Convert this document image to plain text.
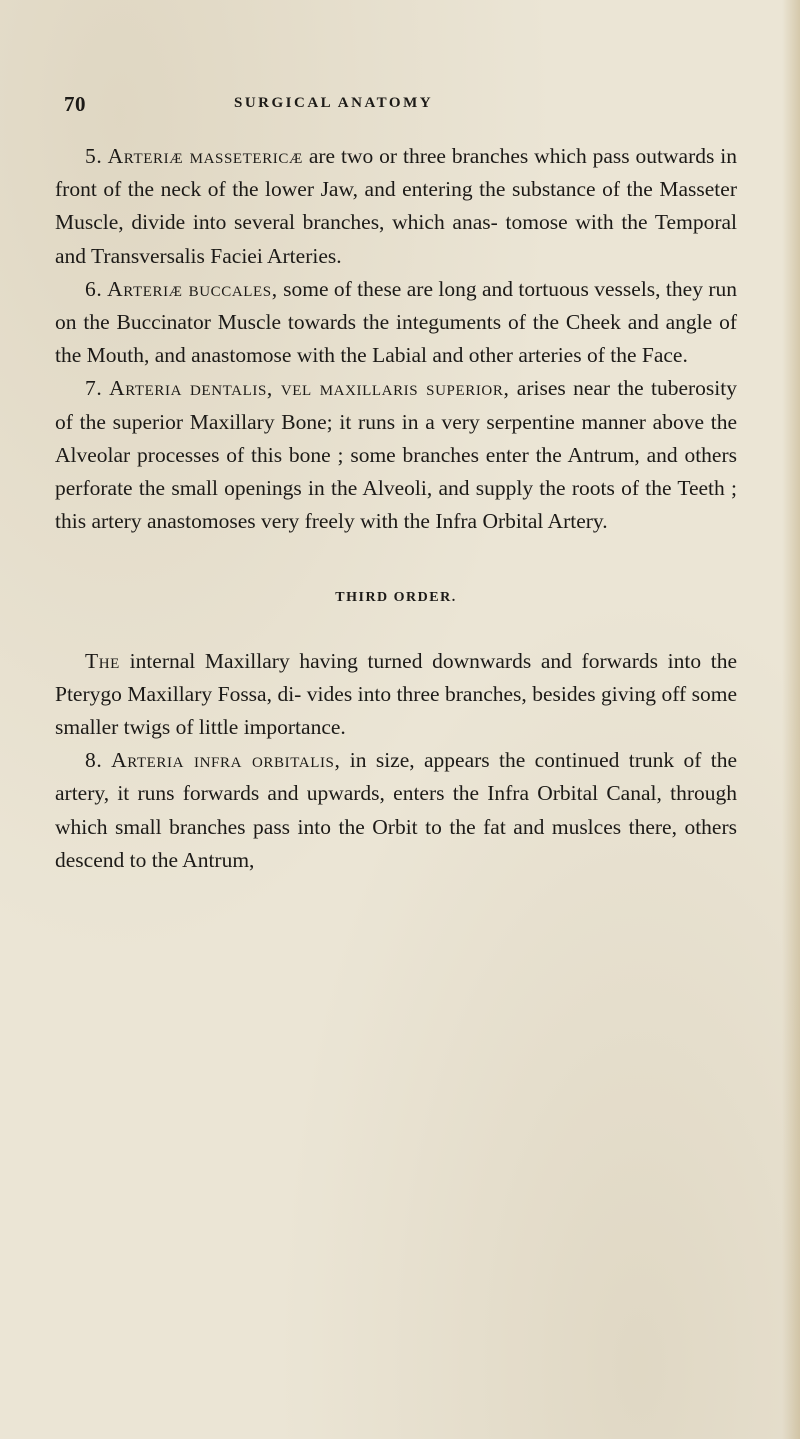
70	SURGICAL ANATOMY

5. Arteriæ massetericæ are two or three branches which pass outwards in front of the neck of the lower Jaw, and entering the substance of the Masseter Muscle, divide into several branches, which anas- tomose with the Temporal and Transversalis Faciei Arteries.

6. Arteriæ buccales, some of these are long and tortuous vessels, they run on the Buccinator Muscle towards the integuments of the Cheek and angle of the Mouth, and anastomose with the Labial and other arteries of the Face.

7. Arteria dentalis, vel maxillaris superior, arises near the tuberosity of the superior Maxillary Bone; it runs in a very serpentine manner above the Alveolar processes of this bone ; some branches enter the Antrum, and others perforate the small openings in the Alveoli, and supply the roots of the Teeth ; this artery anastomoses very freely with the Infra Orbital Artery.

THIRD ORDER.

The internal Maxillary having turned downwards and forwards into the Pterygo Maxillary Fossa, di- vides into three branches, besides giving off some smaller twigs of little importance.

8. Arteria infra orbitalis, in size, appears the continued trunk of the artery, it runs forwards and upwards, enters the Infra Orbital Canal, through which small branches pass into the Orbit to the fat and muslces there, others descend to the Antrum,
